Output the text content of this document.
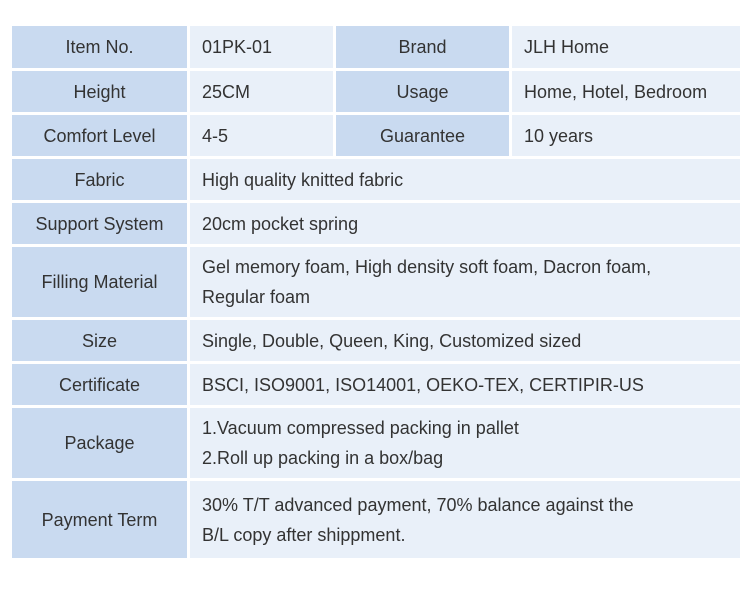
Item No.	01PK-01	Brand	JLH Home
Height	25CM	Usage	Home, Hotel, Bedroom
Comfort Level	4-5	Guarantee	10 years
Fabric	High quality knitted fabric		

Support System	20cm pocket spring		

Filling Material	Gel memory foam, High density soft foam, Dacron foam,
Regular foam		

Size	Single, Double, Queen, King, Customized sized		

Certificate	BSCI, ISO9001, ISO14001, OEKO-TEX, CERTIPIR-US		

Package	1.Vacuum compressed packing in pallet
2.Roll up packing in a box/bag		

Payment Term	30% T/T advanced payment, 70% balance against the
B/L copy after shippment.		
